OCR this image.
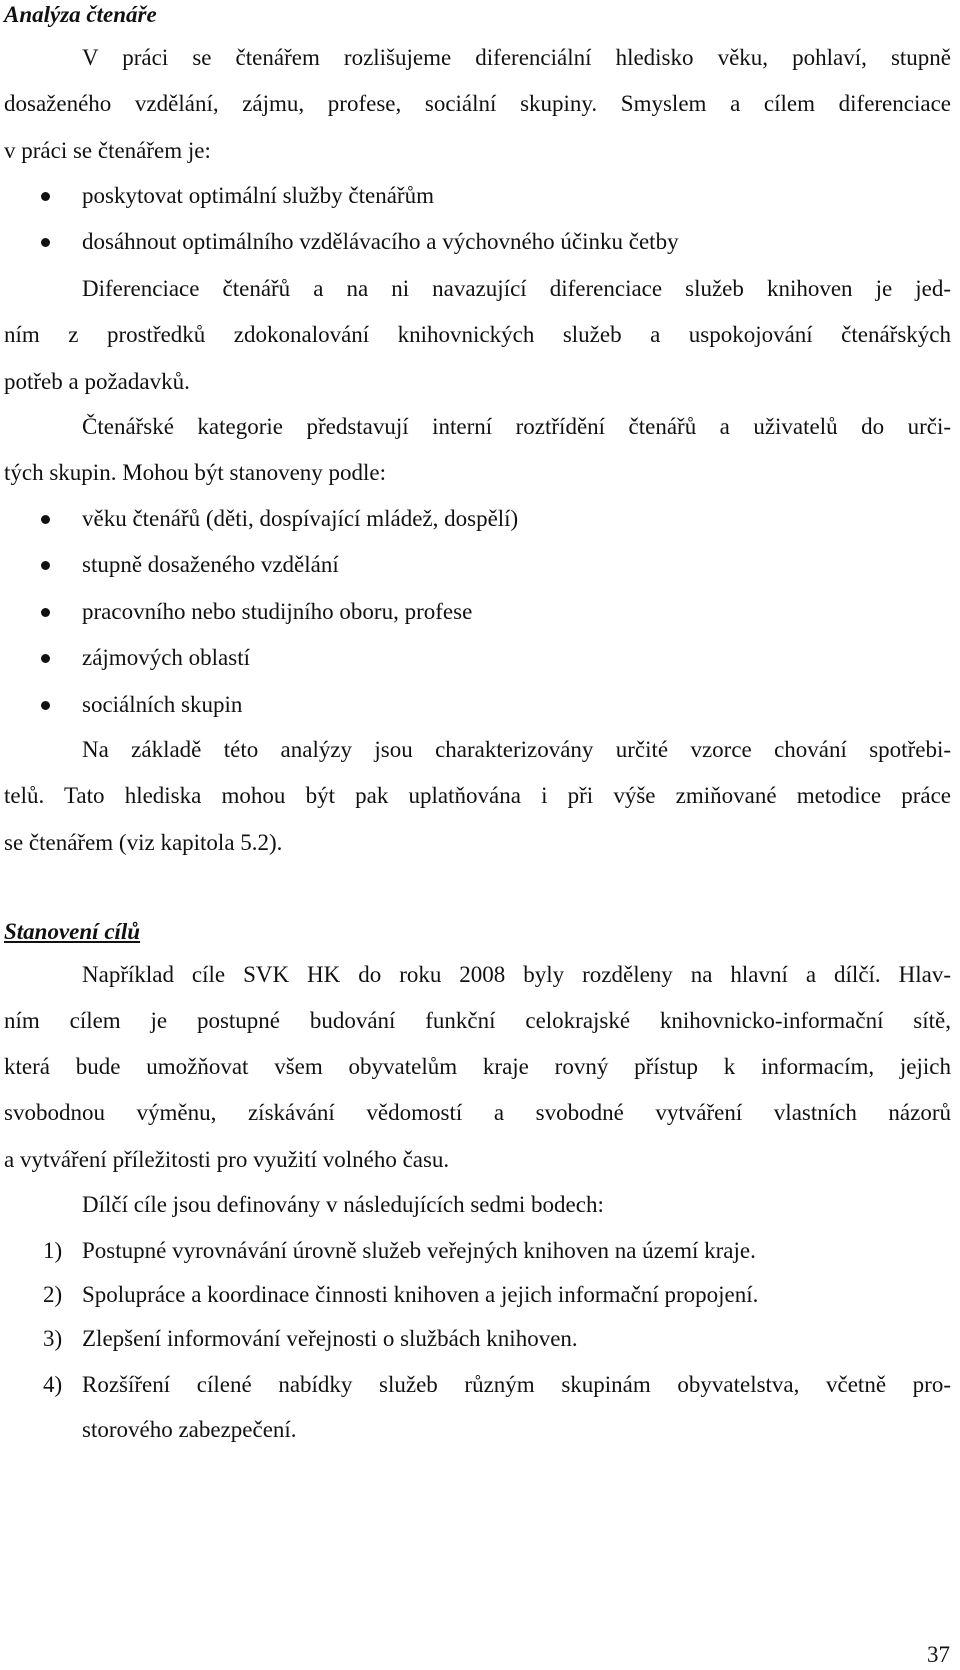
Analýza čtenáře
V práci se čtenářem rozlišujeme diferenciální hledisko věku, pohlaví, stupně
dosaženého vzdělání, zájmu, profese, sociální skupiny. Smyslem a cílem diferenciace
v práci se čtenářem je:
poskytovat optimální služby čtenářům
dosáhnout optimálního vzdělávacího a výchovného účinku četby
Diferenciace čtenářů a na ni navazující diferenciace služeb knihoven je jed-
ním z prostředků zdokonalování knihovnických služeb a uspokojování čtenářských
potřeb a požadavků.
Čtenářské kategorie představují interní roztřídění čtenářů a uživatelů do urči-
tých skupin. Mohou být stanoveny podle:
věku čtenářů (děti, dospívající mládež, dospělí)
stupně dosaženého vzdělání
pracovního nebo studijního oboru, profese
zájmových oblastí
sociálních skupin
Na základě této analýzy jsou charakterizovány určité vzorce chování spotřebi-
telů. Tato hlediska mohou být pak uplatňována i při výše zmiňované metodice práce
se čtenářem (viz kapitola 5.2).
Stanovení cílů
Například cíle SVK HK do roku 2008 byly rozděleny na hlavní a dílčí. Hlav-
ním cílem je postupné budování funkční celokrajské knihovnicko-informační sítě,
která bude umožňovat všem obyvatelům kraje rovný přístup k informacím, jejich
svobodnou výměnu, získávání vědomostí a svobodné vytváření vlastních názorů
a vytváření příležitosti pro využití volného času.
Dílčí cíle jsou definovány v následujících sedmi bodech:
1) Postupné vyrovnávání úrovně služeb veřejných knihoven na území kraje.
2) Spolupráce a koordinace činnosti knihoven a jejich informační propojení.
3) Zlepšení informování veřejnosti o službách knihoven.
4) Rozšíření cílené nabídky služeb různým skupinám obyvatelstva, včetně pro-
storového zabezpečení.
37
